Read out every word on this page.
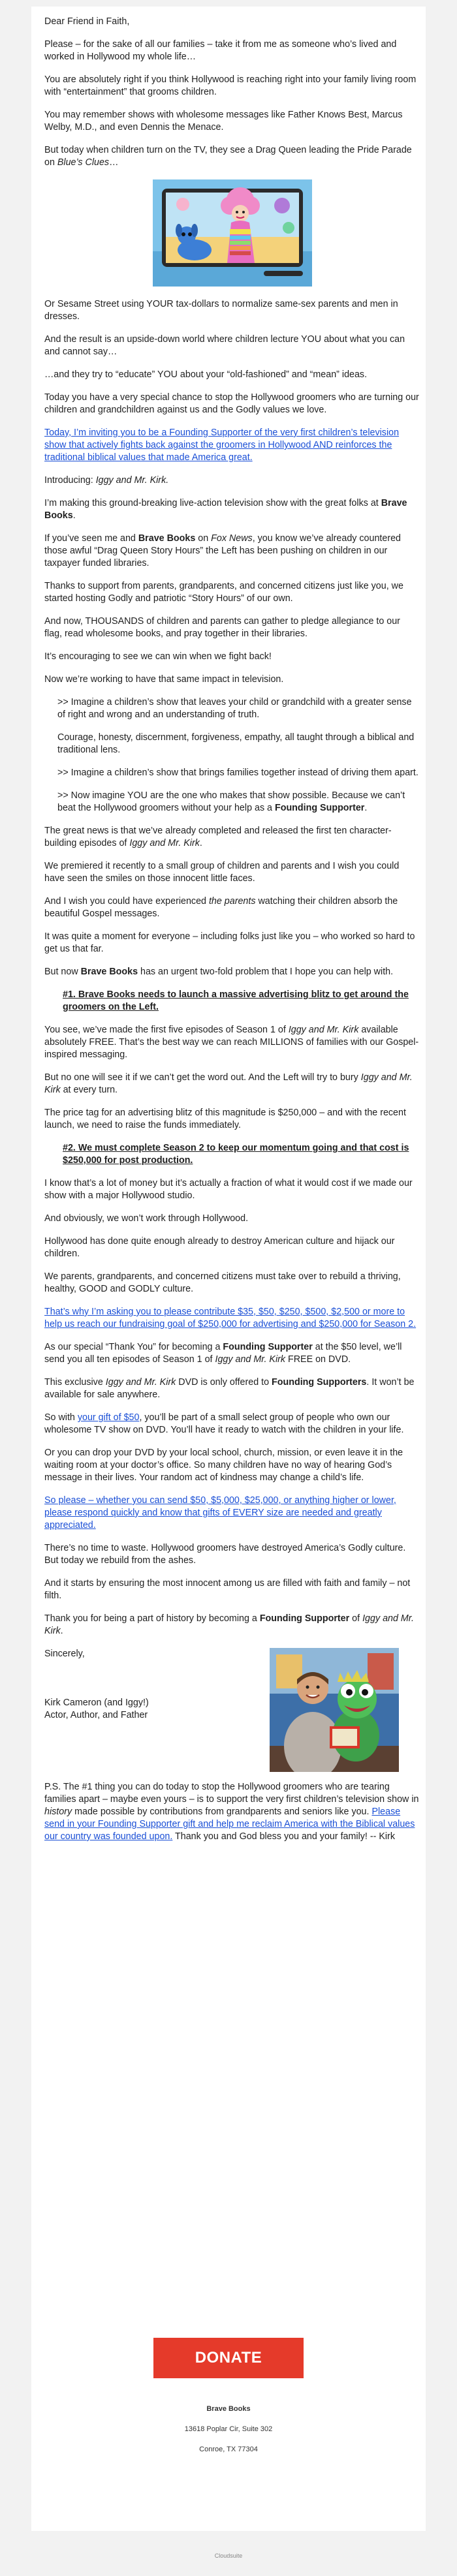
Dear Friend in Faith,

Please – for the sake of all our families – take it from me as someone who’s lived and worked in Hollywood my whole life…

You are absolutely right if you think Hollywood is reaching right into your family living room with “entertainment” that grooms children.

You may remember shows with wholesome messages like Father Knows Best, Marcus Welby, M.D., and even Dennis the Menace.

But today when children turn on the TV, they see a Drag Queen leading the Pride Parade on Blue’s Clues…

Or Sesame Street using YOUR tax-dollars to normalize same-sex parents and men in dresses.

And the result is an upside-down world where children lecture YOU about what you can and cannot say…

…and they try to “educate” YOU about your “old-fashioned” and “mean” ideas.

Today you have a very special chance to stop the Hollywood groomers who are turning our children and grandchildren against us and the Godly values we love.

Today, I’m inviting you to be a Founding Supporter of the very first children’s television show that actively fights back against the groomers in Hollywood AND reinforces the traditional biblical values that made America great.

Introducing: Iggy and Mr. Kirk.

I’m making this ground-breaking live-action television show with the great folks at Brave Books.

If you’ve seen me and Brave Books on Fox News, you know we’ve already countered those awful “Drag Queen Story Hours” the Left has been pushing on children in our taxpayer funded libraries.

Thanks to support from parents, grandparents, and concerned citizens just like you, we started hosting Godly and patriotic “Story Hours” of our own.

And now, THOUSANDS of children and parents can gather to pledge allegiance to our flag, read wholesome books, and pray together in their libraries.

It’s encouraging to see we can win when we fight back!

Now we’re working to have that same impact in television.

>> Imagine a children’s show that leaves your child or grandchild with a greater sense of right and wrong and an understanding of truth.

Courage, honesty, discernment, forgiveness, empathy, all taught through a biblical and traditional lens.

>> Imagine a children’s show that brings families together instead of driving them apart.

>> Now imagine YOU are the one who makes that show possible. Because we can’t beat the Hollywood groomers without your help as a Founding Supporter.

The great news is that we’ve already completed and released the first ten character-building episodes of Iggy and Mr. Kirk.

We premiered it recently to a small group of children and parents and I wish you could have seen the smiles on those innocent little faces.

And I wish you could have experienced the parents watching their children absorb the beautiful Gospel messages.

It was quite a moment for everyone – including folks just like you – who worked so hard to get us that far.

But now Brave Books has an urgent two-fold problem that I hope you can help with.

#1. Brave Books needs to launch a massive advertising blitz to get around the groomers on the Left.

You see, we’ve made the first five episodes of Season 1 of Iggy and Mr. Kirk available absolutely FREE. That’s the best way we can reach MILLIONS of families with our Gospel-inspired messaging.

But no one will see it if we can’t get the word out. And the Left will try to bury Iggy and Mr. Kirk at every turn.

The price tag for an advertising blitz of this magnitude is $250,000 – and with the recent launch, we need to raise the funds immediately.

#2. We must complete Season 2 to keep our momentum going and that cost is $250,000 for post production.

I know that’s a lot of money but it’s actually a fraction of what it would cost if we made our show with a major Hollywood studio.

And obviously, we won’t work through Hollywood.

Hollywood has done quite enough already to destroy American culture and hijack our children.

We parents, grandparents, and concerned citizens must take over to rebuild a thriving, healthy, GOOD and GODLY culture.

That’s why I’m asking you to please contribute $35, $50, $250, $500, $2,500 or more to help us reach our fundraising goal of $250,000 for advertising and $250,000 for Season 2.

As our special “Thank You” for becoming a Founding Supporter at the $50 level, we’ll send you all ten episodes of Season 1 of Iggy and Mr. Kirk FREE on DVD.

This exclusive Iggy and Mr. Kirk DVD is only offered to Founding Supporters. It won’t be available for sale anywhere.

So with your gift of $50, you’ll be part of a small select group of people who own our wholesome TV show on DVD. You’ll have it ready to watch with the children in your life.

Or you can drop your DVD by your local school, church, mission, or even leave it in the waiting room at your doctor’s office. So many children have no way of hearing God’s message in their lives. Your random act of kindness may change a child’s life.

So please – whether you can send $50, $5,000, $25,000, or anything higher or lower, please respond quickly and know that gifts of EVERY size are needed and greatly appreciated.

There’s no time to waste. Hollywood groomers have destroyed America’s Godly culture. But today we rebuild from the ashes.

And it starts by ensuring the most innocent among us are filled with faith and family – not filth.

Thank you for being a part of history by becoming a Founding Supporter of Iggy and Mr. Kirk.

Sincerely,

Kirk Cameron (and Iggy!)
Actor, Author, and Father

P.S. The #1 thing you can do today to stop the Hollywood groomers who are tearing families apart – maybe even yours – is to support the very first children’s television show in history made possible by contributions from grandparents and seniors like you. Please send in your Founding Supporter gift and help me reclaim America with the Biblical values our country was founded upon. Thank you and God bless you and your family! -- Kirk

DONATE
Brave Books
13618 Poplar Cir, Suite 302
Conroe, TX 77304
Cloudsuite
